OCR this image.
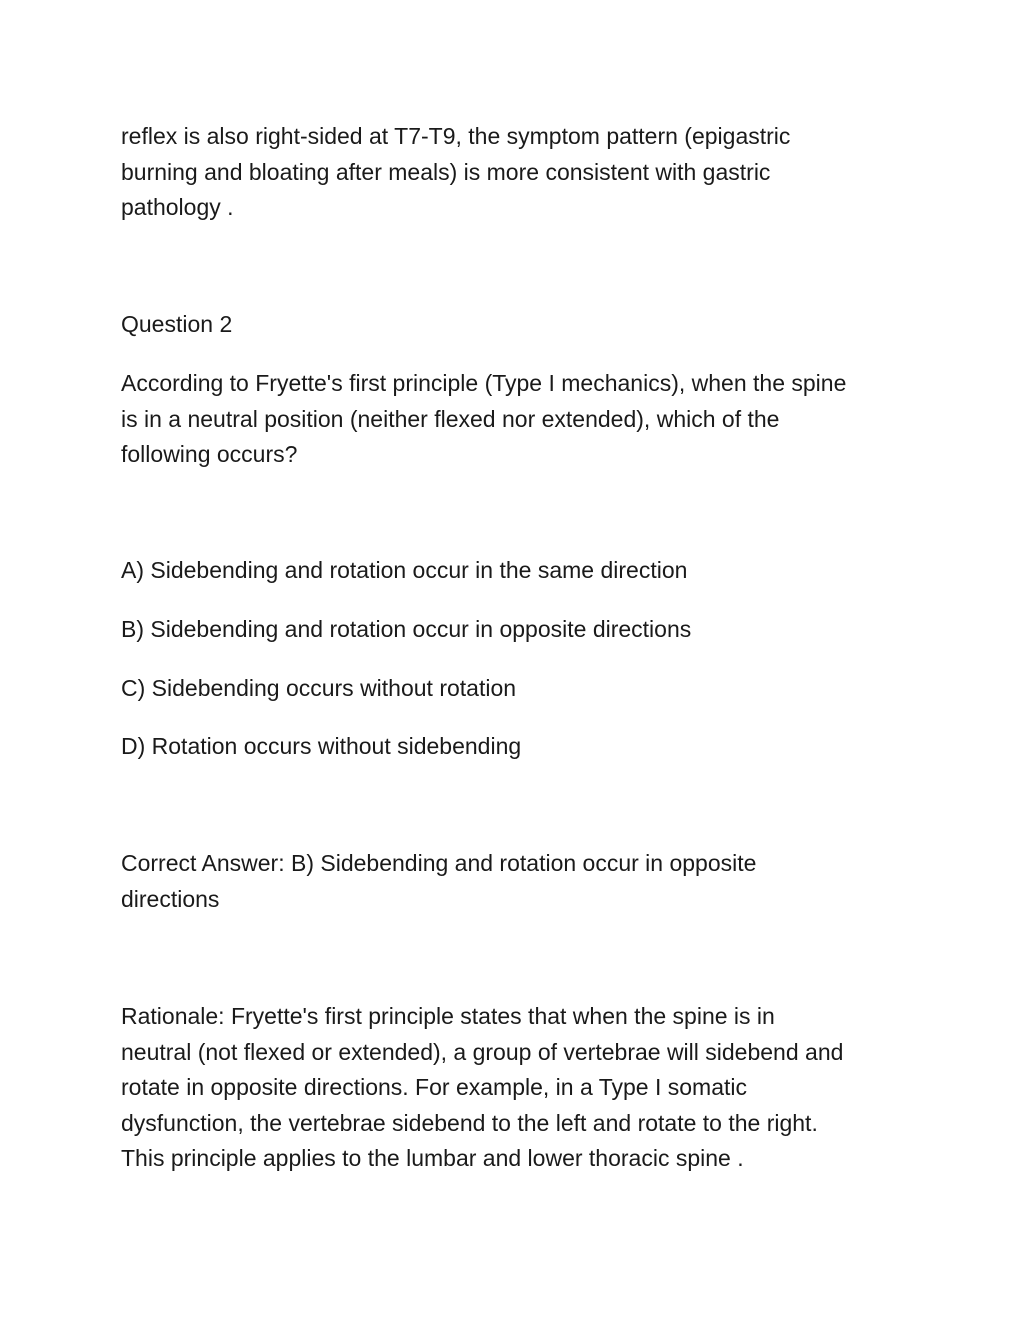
reflex is also right-sided at T7-T9, the symptom pattern (epigastric
burning and bloating after meals) is more consistent with gastric
pathology .
Question 2
According to Fryette's first principle (Type I mechanics), when the spine
is in a neutral position (neither flexed nor extended), which of the
following occurs?
A) Sidebending and rotation occur in the same direction
B) Sidebending and rotation occur in opposite directions
C) Sidebending occurs without rotation
D) Rotation occurs without sidebending
Correct Answer: B) Sidebending and rotation occur in opposite
directions
Rationale: Fryette's first principle states that when the spine is in
neutral (not flexed or extended), a group of vertebrae will sidebend and
rotate in opposite directions. For example, in a Type I somatic
dysfunction, the vertebrae sidebend to the left and rotate to the right.
This principle applies to the lumbar and lower thoracic spine .
